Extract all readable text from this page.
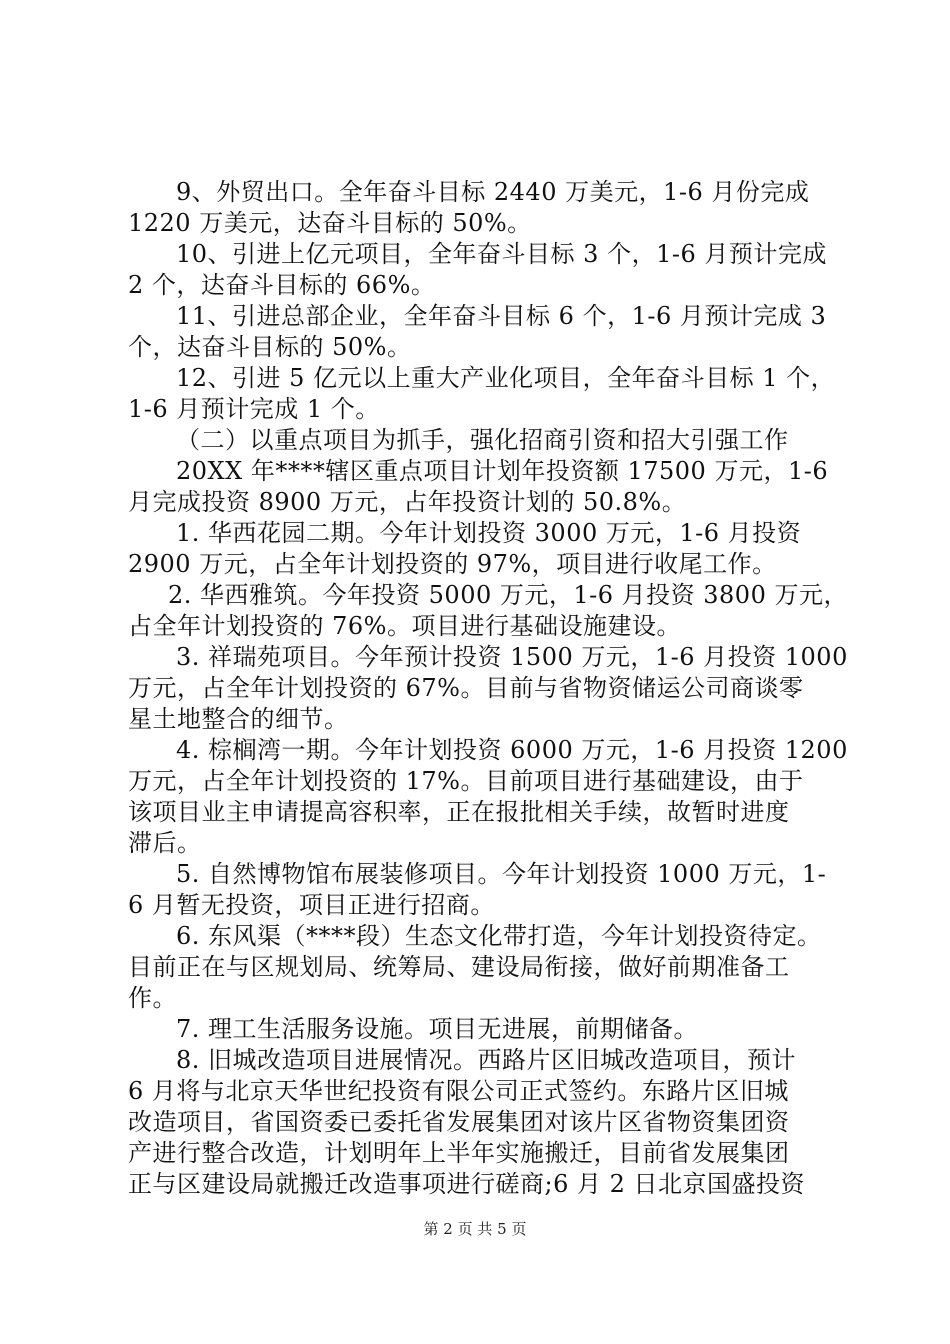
9、外贸出口。全年奋斗目标 2440 万美元，1-6 月份完成
1220 万美元，达奋斗目标的 50%。
10、引进上亿元项目，全年奋斗目标 3 个，1-6 月预计完成
2 个，达奋斗目标的 66%。
11、引进总部企业，全年奋斗目标 6 个，1-6 月预计完成 3
个，达奋斗目标的 50%。
12、引进 5 亿元以上重大产业化项目，全年奋斗目标 1 个，
1-6 月预计完成 1 个。
（二）以重点项目为抓手，强化招商引资和招大引强工作
20XX 年****辖区重点项目计划年投资额 17500 万元，1-6
月完成投资 8900 万元，占年投资计划的 50.8%。
1. 华西花园二期。今年计划投资 3000 万元，1-6 月投资
2900 万元，占全年计划投资的 97%，项目进行收尾工作。
2. 华西雅筑。今年投资 5000 万元，1-6 月投资 3800 万元，
占全年计划投资的 76%。项目进行基础设施建设。
3. 祥瑞苑项目。今年预计投资 1500 万元，1-6 月投资 1000
万元，占全年计划投资的 67%。目前与省物资储运公司商谈零
星土地整合的细节。
4. 棕榈湾一期。今年计划投资 6000 万元，1-6 月投资 1200
万元，占全年计划投资的 17%。目前项目进行基础建设，由于
该项目业主申请提高容积率，正在报批相关手续，故暂时进度
滞后。
5. 自然博物馆布展装修项目。今年计划投资 1000 万元，1-
6 月暂无投资，项目正进行招商。
6. 东风渠（****段）生态文化带打造，今年计划投资待定。
目前正在与区规划局、统筹局、建设局衔接，做好前期准备工
作。
7. 理工生活服务设施。项目无进展，前期储备。
8. 旧城改造项目进展情况。西路片区旧城改造项目，预计
6 月将与北京天华世纪投资有限公司正式签约。东路片区旧城
改造项目，省国资委已委托省发展集团对该片区省物资集团资
产进行整合改造，计划明年上半年实施搬迁，目前省发展集团
正与区建设局就搬迁改造事项进行磋商;6 月 2 日北京国盛投资
第 2 页 共 5 页
